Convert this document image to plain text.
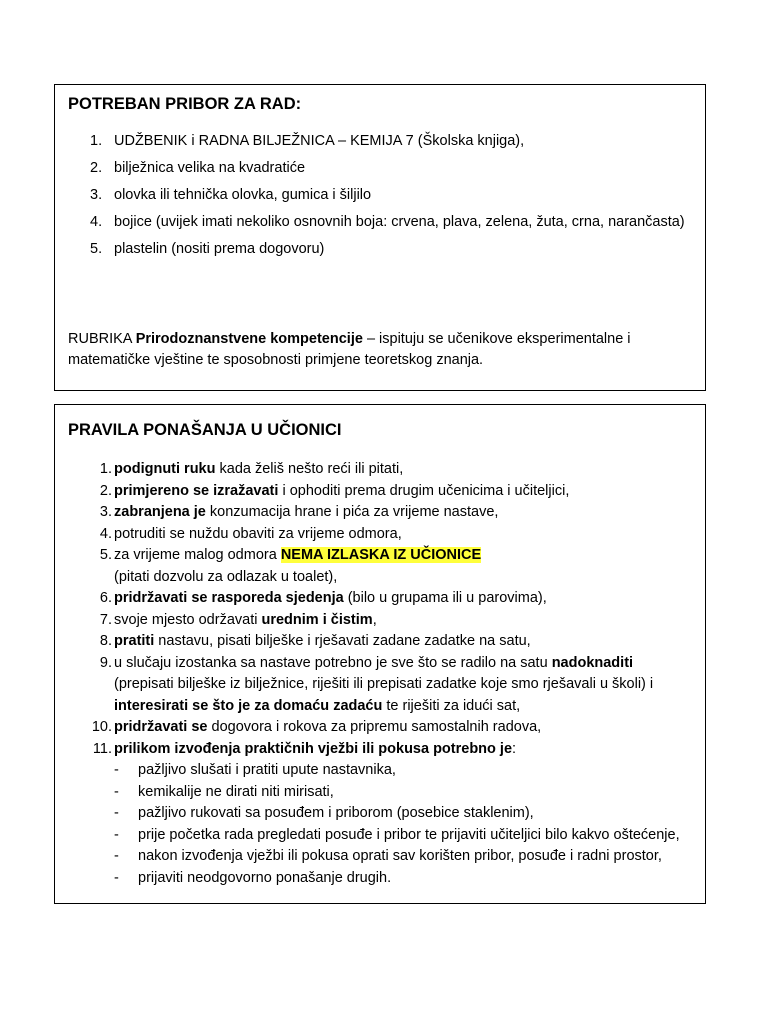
POTREBAN PRIBOR ZA RAD:
1. UDŽBENIK i RADNA BILJEŽNICA – KEMIJA 7 (Školska knjiga),
2. bilježnica velika na kvadratiće
3. olovka ili tehnička olovka, gumica i šiljilo
4. bojice (uvijek imati nekoliko osnovnih boja: crvena, plava, zelena, žuta, crna, narančasta)
5. plastelin (nositi prema dogovoru)

RUBRIKA Prirodoznanstvene kompetencije – ispituju se učenikove eksperimentalne i matematičke vještine te sposobnosti primjene teoretskog znanja.

PRAVILA PONAŠANJA U UČIONICI
1. podignuti ruku kada želiš nešto reći ili pitati,
2. primjereno se izražavati i ophoditi prema drugim učenicima i učiteljici,
3. zabranjena je konzumacija hrane i pića za vrijeme nastave,
4. potruditi se nuždu obaviti za vrijeme odmora,
5. za vrijeme malog odmora NEMA IZLASKA IZ UČIONICE
(pitati dozvolu za odlazak u toalet),
6. pridržavati se rasporeda sjedenja (bilo u grupama ili u parovima),
7. svoje mjesto održavati urednim i čistim,
8. pratiti nastavu, pisati bilješke i rješavati zadane zadatke na satu,
9. u slučaju izostanka sa nastave potrebno je sve što se radilo na satu nadoknaditi
(prepisati bilješke iz bilježnice, riješiti ili prepisati zadatke koje smo rješavali u školi) i
interesirati se što je za domaću zadaću te riješiti za idući sat,
10. pridržavati se dogovora i rokova za pripremu samostalnih radova,
11. prilikom izvođenja praktičnih vježbi ili pokusa potrebno je:
- pažljivo slušati i pratiti upute nastavnika,
- kemikalije ne dirati niti mirisati,
- pažljivo rukovati sa posuđem i priborom (posebice staklenim),
- prije početka rada pregledati posuđe i pribor te prijaviti učiteljici bilo kakvo oštećenje,
- nakon izvođenja vježbi ili pokusa oprati sav korišten pribor, posuđe i radni prostor,
- prijaviti neodgovorno ponašanje drugih.
